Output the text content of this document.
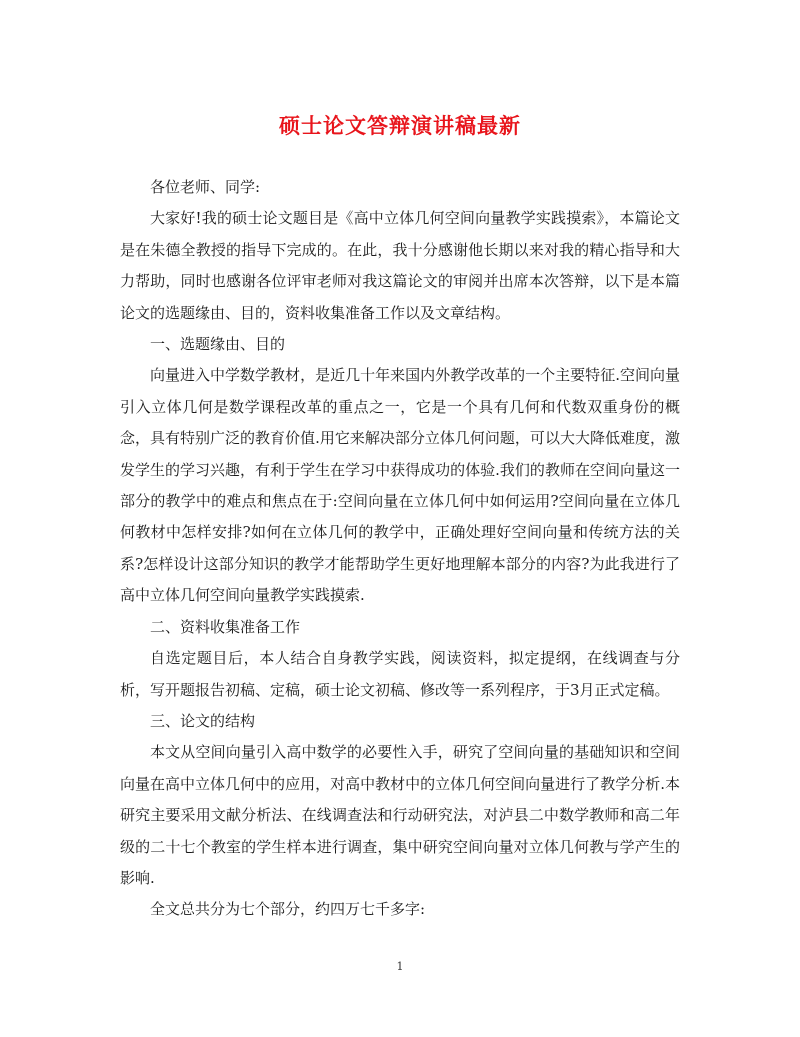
硕士论文答辩演讲稿最新

各位老师、同学:

大家好!我的硕士论文题目是《高中立体几何空间向量教学实践摸索》，本篇论文是在朱德全教授的指导下完成的。在此，我十分感谢他长期以来对我的精心指导和大力帮助，同时也感谢各位评审老师对我这篇论文的审阅并出席本次答辩，以下是本篇论文的选题缘由、目的，资料收集准备工作以及文章结构。

一、选题缘由、目的

向量进入中学数学教材，是近几十年来国内外教学改革的一个主要特征.空间向量引入立体几何是数学课程改革的重点之一，它是一个具有几何和代数双重身份的概念，具有特别广泛的教育价值.用它来解决部分立体几何问题，可以大大降低难度，激发学生的学习兴趣，有利于学生在学习中获得成功的体验.我们的教师在空间向量这一部分的教学中的难点和焦点在于:空间向量在立体几何中如何运用?空间向量在立体几何教材中怎样安排?如何在立体几何的教学中，正确处理好空间向量和传统方法的关系?怎样设计这部分知识的教学才能帮助学生更好地理解本部分的内容?为此我进行了高中立体几何空间向量教学实践摸索.

二、资料收集准备工作

自选定题目后，本人结合自身教学实践，阅读资料，拟定提纲，在线调查与分析，写开题报告初稿、定稿，硕士论文初稿、修改等一系列程序，于3月正式定稿。

三、论文的结构

本文从空间向量引入高中数学的必要性入手，研究了空间向量的基础知识和空间向量在高中立体几何中的应用，对高中教材中的立体几何空间向量进行了教学分析.本研究主要采用文献分析法、在线调查法和行动研究法，对泸县二中数学教师和高二年级的二十七个教室的学生样本进行调查，集中研究空间向量对立体几何教与学产生的影响.

全文总共分为七个部分，约四万七千多字:

1
